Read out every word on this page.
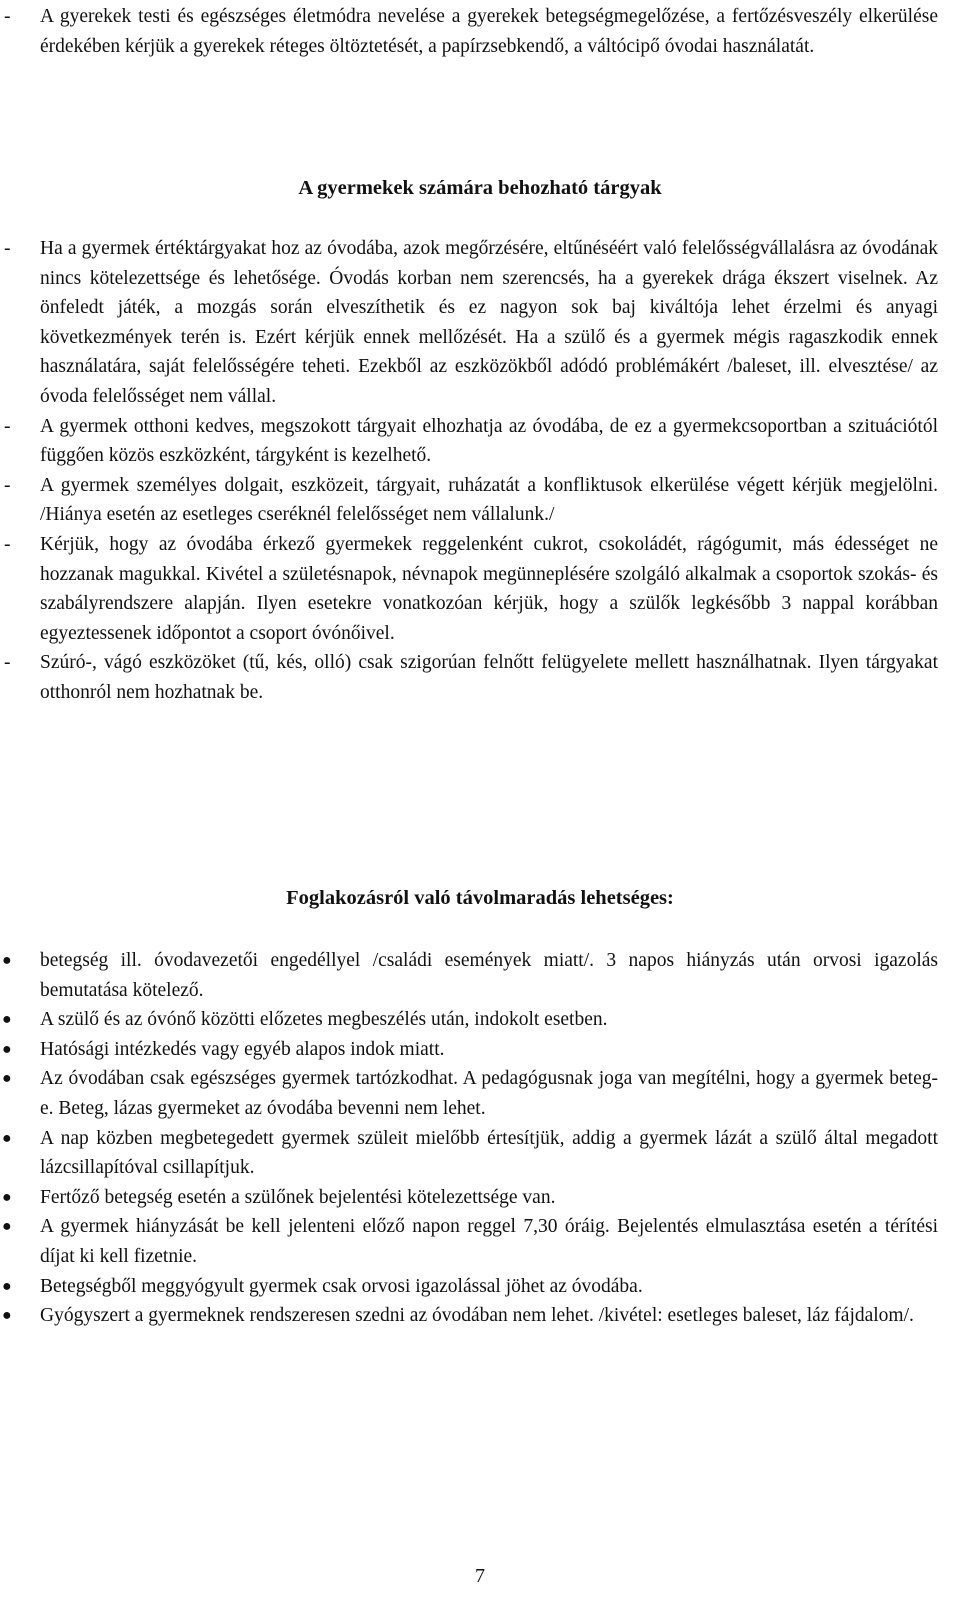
- A gyerekek testi és egészséges életmódra nevelése a gyerekek betegségmegelőzése, a fertőzésveszély elkerülése érdekében kérjük a gyerekek réteges öltöztetését, a papírzsebkendő, a váltócipő óvodai használatát.
A gyermekek számára behozható tárgyak
- Ha a gyermek értéktárgyakat hoz az óvodába, azok megőrzésére, eltűnéséért való felelősségvállalásra az óvodának nincs kötelezettsége és lehetősége. Óvodás korban nem szerencsés, ha a gyerekek drága ékszert viselnek. Az önfeledt játék, a mozgás során elveszíthetik és ez nagyon sok baj kiváltója lehet érzelmi és anyagi következmények terén is. Ezért kérjük ennek mellőzését. Ha a szülő és a gyermek mégis ragaszkodik ennek használatára, saját felelősségére teheti. Ezekből az eszközökből adódó problémákért /baleset, ill. elvesztése/ az óvoda felelősséget nem vállal.
- A gyermek otthoni kedves, megszokott tárgyait elhozhatja az óvodába, de ez a gyermekcsoportban a szituációtól függően közös eszközként, tárgyként is kezelhető.
- A gyermek személyes dolgait, eszközeit, tárgyait, ruházatát a konfliktusok elkerülése végett kérjük megjelölni. /Hiánya esetén az esetleges cseréknél felelősséget nem vállalunk./
- Kérjük, hogy az óvodába érkező gyermekek reggelenként cukrot, csokoládét, rágógumit, más édességet ne hozzanak magukkal. Kivétel a születésnapok, névnapok megünneplésére szolgáló alkalmak a csoportok szokás- és szabályrendszere alapján. Ilyen esetekre vonatkozóan kérjük, hogy a szülők legkésőbb 3 nappal korábban egyeztessenek időpontot a csoport óvónőivel.
- Szúró-, vágó eszközöket (tű, kés, olló) csak szigorúan felnőtt felügyelete mellett használhatnak. Ilyen tárgyakat otthonról nem hozhatnak be.
Foglakozásról való távolmaradás lehetséges:
● betegség ill. óvodavezetői engedéllyel /családi események miatt/. 3 napos hiányzás után orvosi igazolás bemutatása kötelező.
● A szülő és az óvónő közötti előzetes megbeszélés után, indokolt esetben.
● Hatósági intézkedés vagy egyéb alapos indok miatt.
● Az óvodában csak egészséges gyermek tartózkodhat. A pedagógusnak joga van megítélni, hogy a gyermek beteg-e. Beteg, lázas gyermeket az óvodába bevenni nem lehet.
● A nap közben megbetegedett gyermek szüleit mielőbb értesítjük, addig a gyermek lázát a szülő által megadott lázcsillapítóval csillapítjuk.
● Fertőző betegség esetén a szülőnek bejelentési kötelezettsége van.
● A gyermek hiányzását be kell jelenteni előző napon reggel 7,30 óráig. Bejelentés elmulasztása esetén a térítési díjat ki kell fizetnie.
● Betegségből meggyógyult gyermek csak orvosi igazolással jöhet az óvodába.
● Gyógyszert a gyermeknek rendszeresen szedni az óvodában nem lehet. /kivétel: esetleges baleset, láz fájdalom/.
7
